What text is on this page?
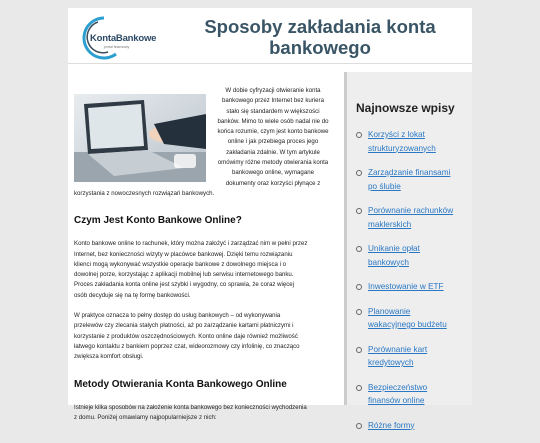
KontaBankowe
portal finansowy
Sposoby zakładania konta
bankowego
W dobie cyfryzacji otwieranie konta
bankowego przez Internet bez kuriera
stało się standardem w większości
banków. Mimo to wiele osób nadal nie do
końca rozumie, czym jest konto bankowe
online i jak przebiega proces jego
zakładania zdalnie. W tym artykule
omówimy różne metody otwierania konta
bankowego online, wymagane
dokumenty oraz korzyści płynące z
korzystania z nowoczesnych rozwiązań bankowych.
Czym Jest Konto Bankowe Online?
Konto bankowe online to rachunek, który można założyć i zarządzać nim w pełni przez
Internet, bez konieczności wizyty w placówce bankowej. Dzięki temu rozwiązaniu
klienci mogą wykonywać wszystkie operacje bankowe z dowolnego miejsca i o
dowolnej porze, korzystając z aplikacji mobilnej lub serwisu internetowego banku.
Proces zakładania konta online jest szybki i wygodny, co sprawia, że coraz więcej
osób decyduje się na tę formę bankowości.
W praktyce oznacza to pełny dostęp do usług bankowych – od wykonywania
przelewów czy zlecania stałych płatności, aż po zarządzanie kartami płatniczymi i
korzystanie z produktów oszczędnościowych. Konto online daje również możliwość
łatwego kontaktu z bankiem poprzez czat, wideorozmowy czy infolinię, co znacząco
zwiększa komfort obsługi.
Metody Otwierania Konta Bankowego Online
Istnieje kilka sposobów na założenie konta bankowego bez konieczności wychodzenia
z domu. Poniżej omawiamy najpopularniejsze z nich:
Najnowsze wpisy
Korzyści z lokat
strukturyzowanych
Zarządzanie finansami
po ślubie
Porównanie rachunków
maklerskich
Unikanie opłat
bankowych
Inwestowanie w ETF
Planowanie
wakacyjnego budżetu
Porównanie kart
kredytowych
Bezpieczeństwo
finansów online
Różne formy
